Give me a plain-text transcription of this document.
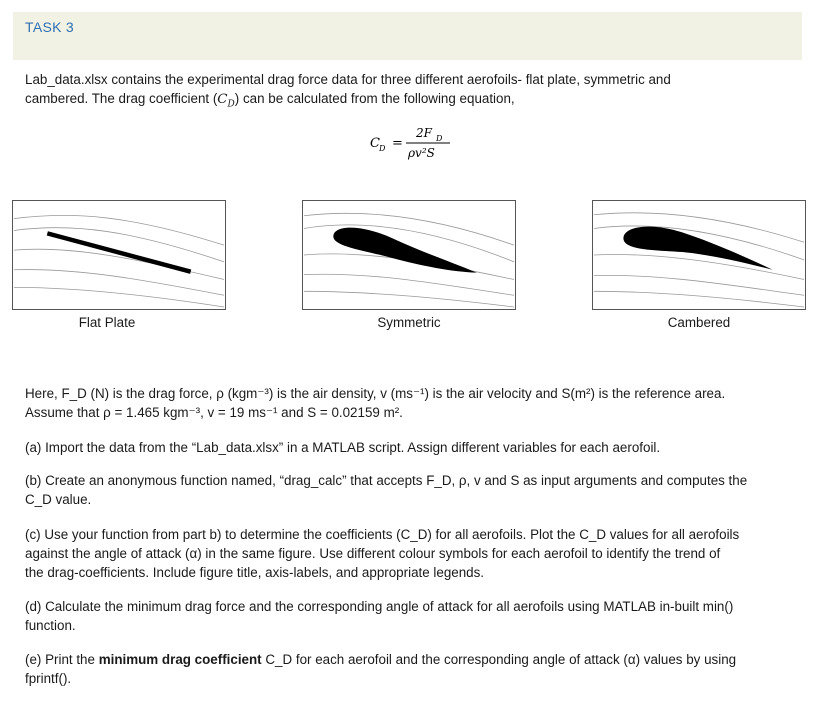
TASK 3
Lab_data.xlsx contains the experimental drag force data for three different aerofoils- flat plate, symmetric and
cambered. The drag coefficient $(C_D)$ can be calculated from the following equation,
C D =
2F D
ρv²S
Flat Plate	Symmetric	Cambered
Here, F_D (N) is the drag force, ρ (kgm⁻³) is the air density, v (ms⁻¹) is the air velocity and S(m²) is the reference area.
Assume that ρ = 1.465 kgm⁻³, v = 19 ms⁻¹ and S = 0.02159 m².
(a) Import the data from the “Lab_data.xlsx” in a MATLAB script. Assign different variables for each aerofoil.
(b) Create an anonymous function named, “drag_calc” that accepts F_D, ρ, v and S as input arguments and computes the
C_D value.
(c) Use your function from part b) to determine the coefficients (C_D) for all aerofoils. Plot the C_D values for all aerofoils
against the angle of attack (α) in the same figure. Use different colour symbols for each aerofoil to identify the trend of
the drag-coefficients. Include figure title, axis-labels, and appropriate legends.
(d) Calculate the minimum drag force and the corresponding angle of attack for all aerofoils using MATLAB in-built min()
function.
(e) Print the minimum drag coefficient C_D for each aerofoil and the corresponding angle of attack (α) values by using
fprintf().
